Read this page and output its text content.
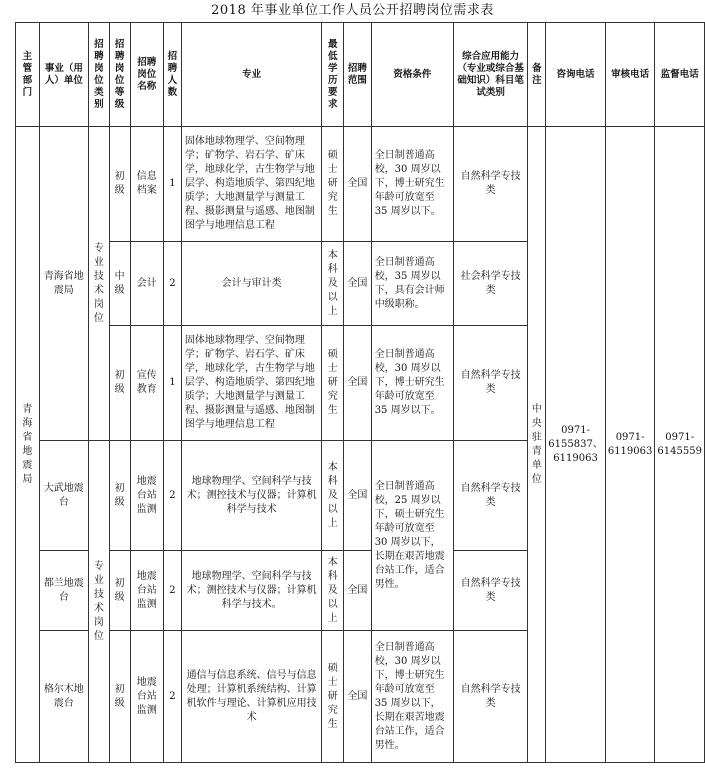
2018 年事业单位工作人员公开招聘岗位需求表
主管部门	事业（用人）单位	招聘岗位类别	招聘岗位等级	招聘岗位名称	招聘人数	专业	最低学历要求	招聘范围	资格条件	综合应用能力（专业或综合基础知识）科目笔试类别	备注	咨询电话	审核电话	监督电话
青海省地震局	青海省地震局	专业技术岗位	初级	信息档案	1	固体地球物理学、空间物理学；矿物学、岩石学、矿床学，地球化学，古生物学与地层学、构造地质学、第四纪地质学；大地测量学与测量工程、摄影测量与遥感、地图制图学与地理信息工程	硕士研究生	全国	全日制普通高校，30 周岁以下，博士研究生年龄可放宽至 35 周岁以下。	自然科学专技类	中央驻青单位	0971-6155837、6119063	0971-6119063	0971-6145559
			中级	会计	2	会计与审计类	本科及以上	全国	全日制普通高校，35 周岁以下，具有会计师中级职称。	社会科学专技类				
			初级	宣传教育	1	固体地球物理学、空间物理学；矿物学、岩石学、矿床学，地球化学，古生物学与地层学、构造地质学、第四纪地质学；大地测量学与测量工程、摄影测量与遥感、地图制图学与地理信息工程	硕士研究生	全国	全日制普通高校，30 周岁以下，博士研究生年龄可放宽至 35 周岁以下。	自然科学专技类				
	大武地震台	专业技术岗位	初级	地震台站监测	2	地球物理学、空间科学与技术；测控技术与仪器；计算机科学与技术	本科及以上	全国	全日制普通高校，25 周岁以下，硕士研究生年龄可放宽至 30 周岁以下，长期在艰苦地震台站工作，适合男性。	自然科学专技类				
	都兰地震台		初级	地震台站监测	2	地球物理学、空间科学与技术；测控技术与仪器；计算机科学与技术。	本科及以上	全国		自然科学专技类				
	格尔木地震台		初级	地震台站监测	2	通信与信息系统、信号与信息处理；计算机系统结构、计算机软件与理论、计算机应用技术	硕士研究生	全国	全日制普通高校，30 周岁以下，博士研究生年龄可放宽至 35 周岁以下，长期在艰苦地震台站工作，适合男性。	自然科学专技类				
